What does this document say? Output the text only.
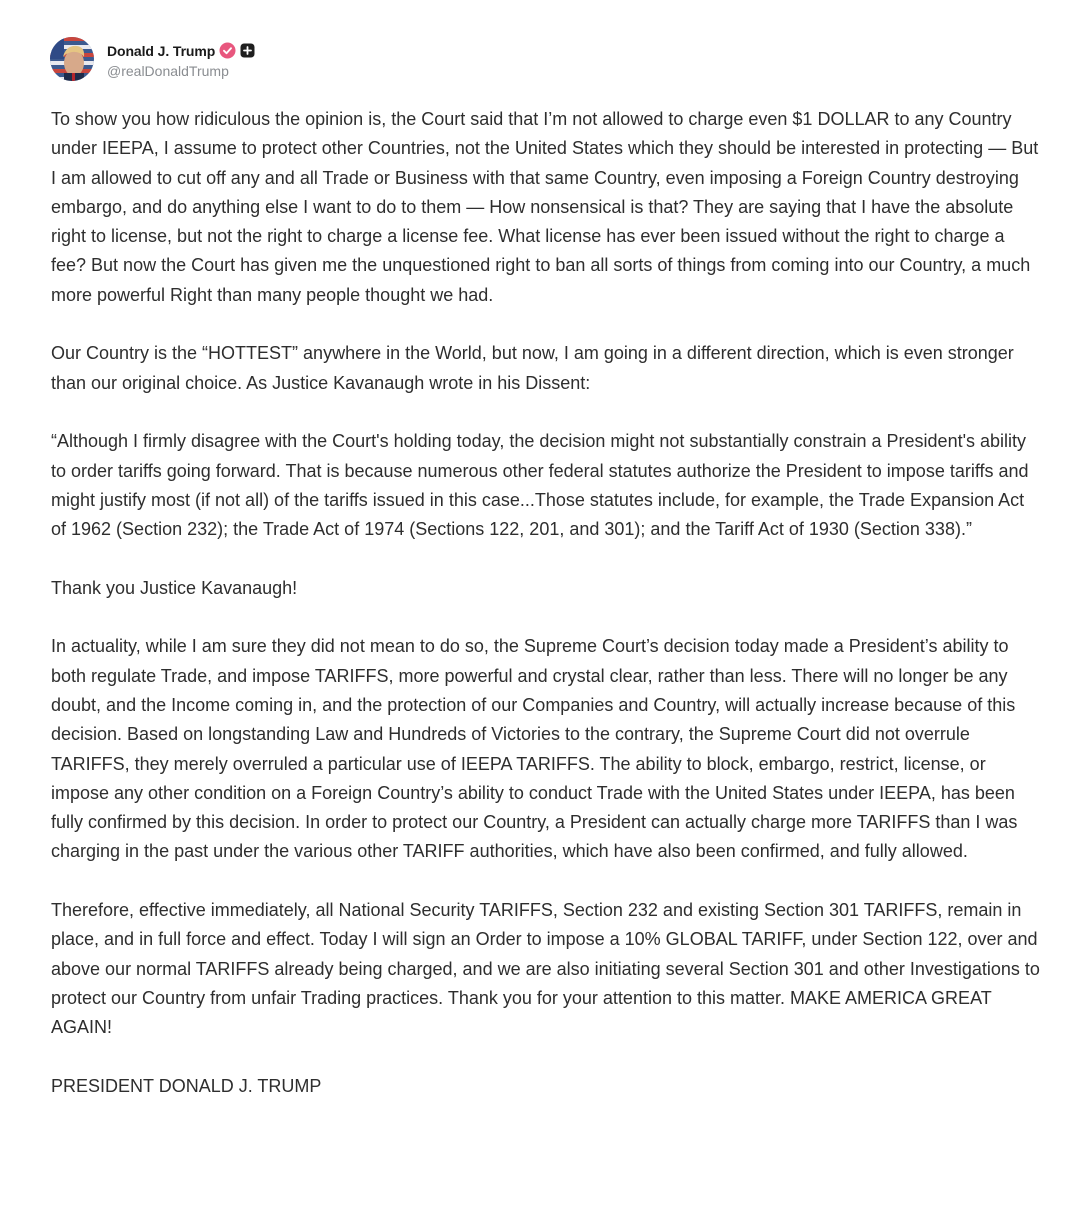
Donald J. Trump
@realDonaldTrump

To show you how ridiculous the opinion is, the Court said that I’m not allowed to charge even $1 DOLLAR to any Country under IEEPA, I assume to protect other Countries, not the United States which they should be interested in protecting — But I am allowed to cut off any and all Trade or Business with that same Country, even imposing a Foreign Country destroying embargo, and do anything else I want to do to them — How nonsensical is that? They are saying that I have the absolute right to license, but not the right to charge a license fee. What license has ever been issued without the right to charge a fee? But now the Court has given me the unquestioned right to ban all sorts of things from coming into our Country, a much more powerful Right than many people thought we had.

Our Country is the “HOTTEST” anywhere in the World, but now, I am going in a different direction, which is even stronger than our original choice. As Justice Kavanaugh wrote in his Dissent:

“Although I firmly disagree with the Court's holding today, the decision might not substantially constrain a President's ability to order tariffs going forward. That is because numerous other federal statutes authorize the President to impose tariffs and might justify most (if not all) of the tariffs issued in this case...Those statutes include, for example, the Trade Expansion Act of 1962 (Section 232); the Trade Act of 1974 (Sections 122, 201, and 301); and the Tariff Act of 1930 (Section 338).”

Thank you Justice Kavanaugh!

In actuality, while I am sure they did not mean to do so, the Supreme Court’s decision today made a President’s ability to both regulate Trade, and impose TARIFFS, more powerful and crystal clear, rather than less. There will no longer be any doubt, and the Income coming in, and the protection of our Companies and Country, will actually increase because of this decision. Based on longstanding Law and Hundreds of Victories to the contrary, the Supreme Court did not overrule TARIFFS, they merely overruled a particular use of IEEPA TARIFFS. The ability to block, embargo, restrict, license, or impose any other condition on a Foreign Country’s ability to conduct Trade with the United States under IEEPA, has been fully confirmed by this decision. In order to protect our Country, a President can actually charge more TARIFFS than I was charging in the past under the various other TARIFF authorities, which have also been confirmed, and fully allowed.

Therefore, effective immediately, all National Security TARIFFS, Section 232 and existing Section 301 TARIFFS, remain in place, and in full force and effect. Today I will sign an Order to impose a 10% GLOBAL TARIFF, under Section 122, over and above our normal TARIFFS already being charged, and we are also initiating several Section 301 and other Investigations to protect our Country from unfair Trading practices. Thank you for your attention to this matter. MAKE AMERICA GREAT AGAIN!

PRESIDENT DONALD J. TRUMP
